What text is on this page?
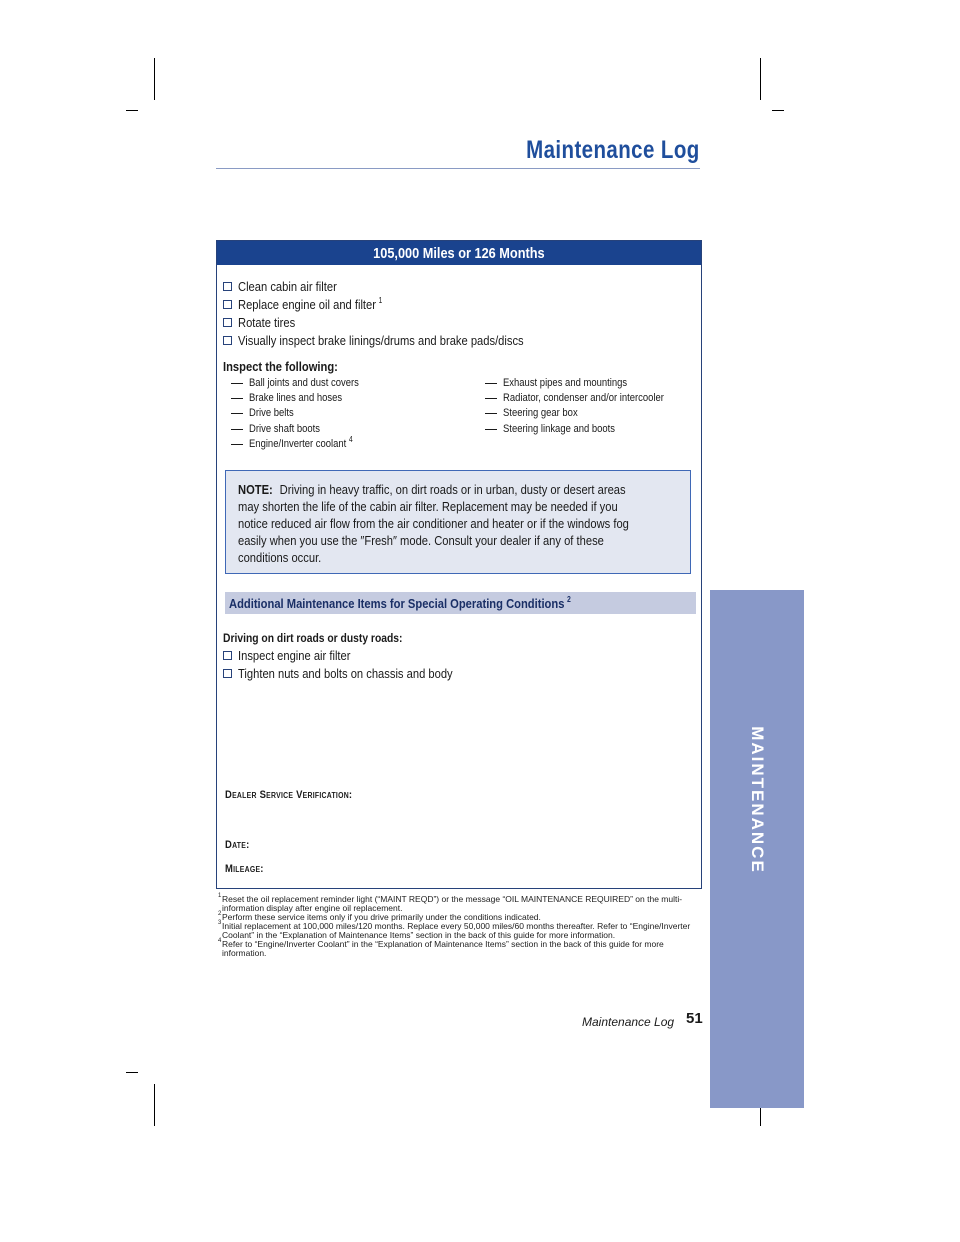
Maintenance Log
105,000 Miles or 126 Months
Clean cabin air filter
Replace engine oil and filter $^1$
Rotate tires
Visually inspect brake linings/drums and brake pads/discs
Inspect the following:
Ball joints and dust covers
Brake lines and hoses
Drive belts
Drive shaft boots
Engine/Inverter coolant $^4$
Exhaust pipes and mountings
Radiator, condenser and/or intercooler
Steering gear box
Steering linkage and boots
NOTE: Driving in heavy traffic, on dirt roads or in urban, dusty or desert areas
may shorten the life of the cabin air filter. Replacement may be needed if you
notice reduced air flow from the air conditioner and heater or if the windows fog
easily when you use the ″Fresh″ mode. Consult your dealer if any of these
conditions occur.
Additional Maintenance Items for Special Operating Conditions $^2$
Driving on dirt roads or dusty roads:
Inspect engine air filter
Tighten nuts and bolts on chassis and body
Dealer Service Verification:
Date:
Mileage:
1 Reset the oil replacement reminder light (“MAINT REQD”) or the message “OIL MAINTENANCE REQUIRED” on the multi-information display after engine oil replacement.
2 Perform these service items only if you drive primarily under the conditions indicated.
3 Initial replacement at 100,000 miles/120 months. Replace every 50,000 miles/60 months thereafter. Refer to “Engine/Inverter Coolant” in the “Explanation of Maintenance Items” section in the back of this guide for more information.
4 Refer to “Engine/Inverter Coolant” in the “Explanation of Maintenance Items” section in the back of this guide for more information.
Maintenance Log 51
MAINTENANCE
